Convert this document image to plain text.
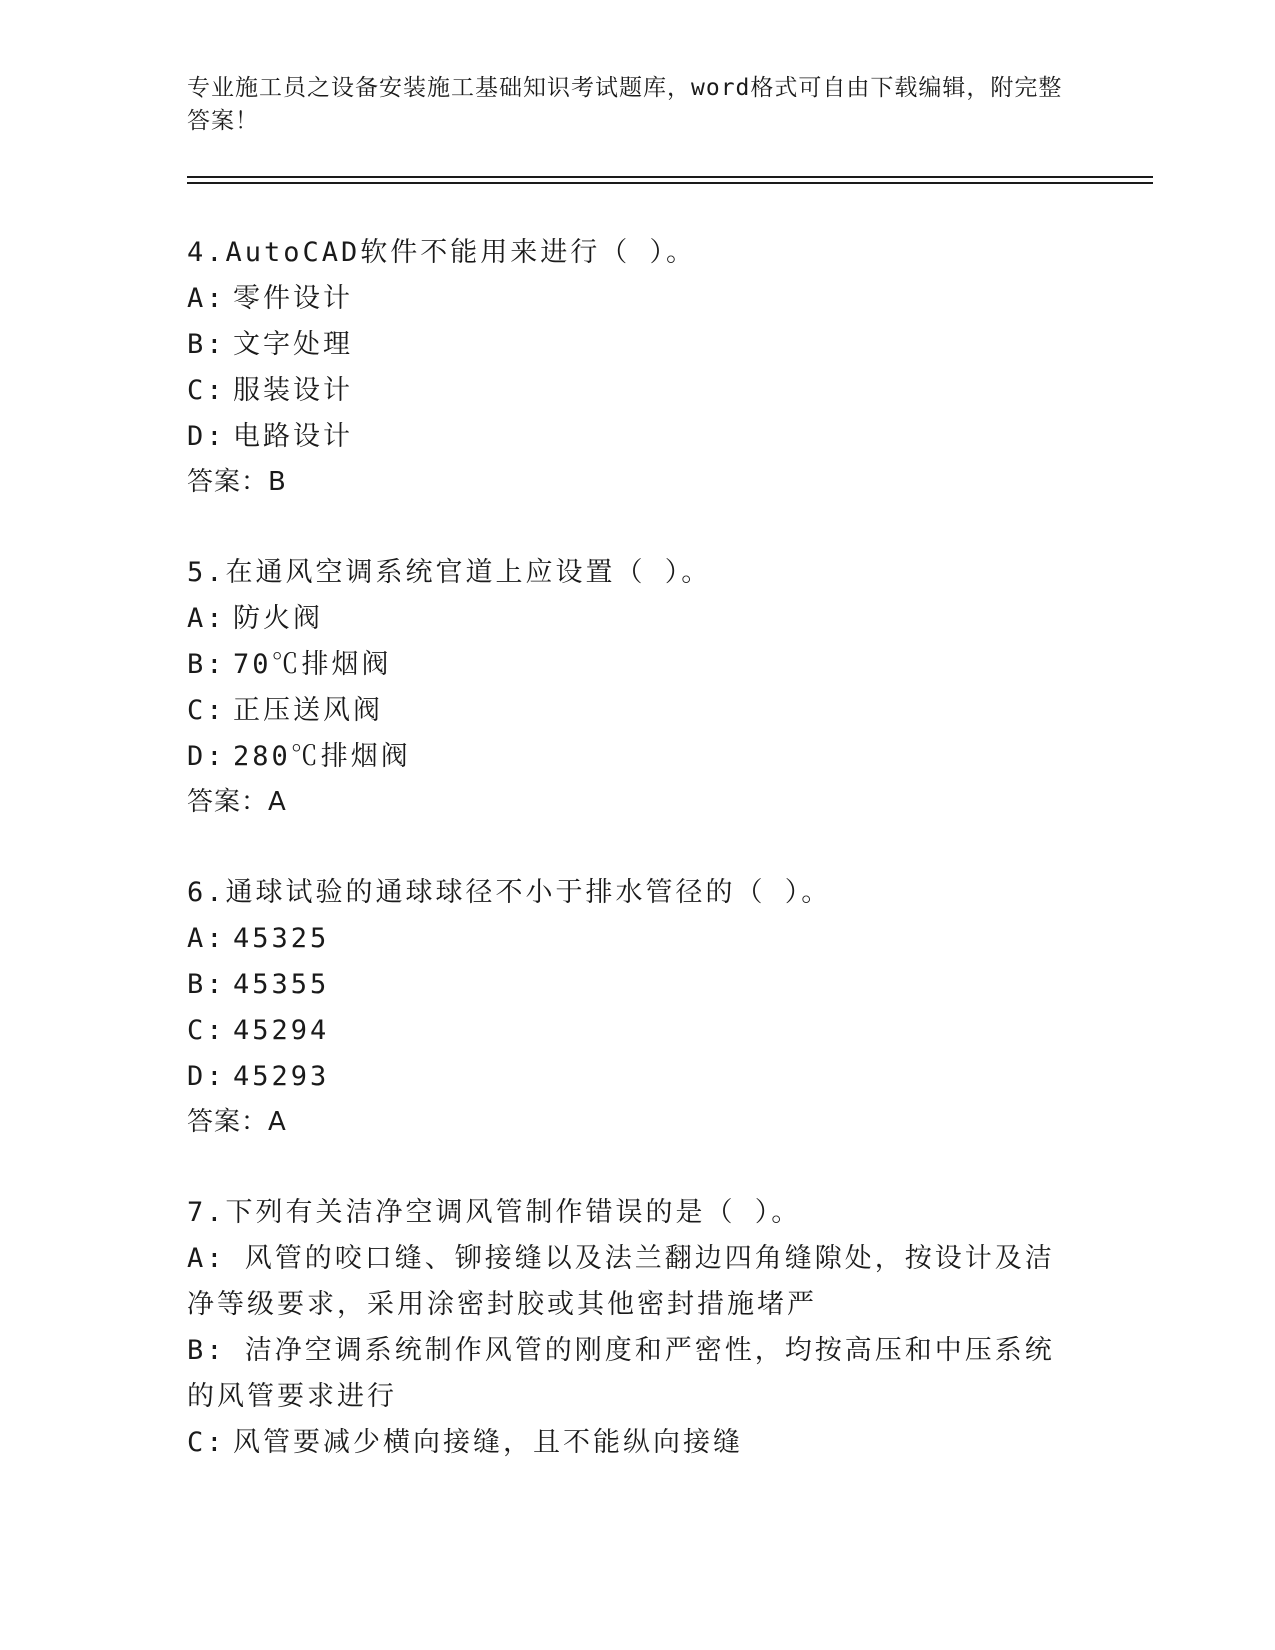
专业施工员之设备安装施工基础知识考试题库，word格式可自由下载编辑，附完整答案！
4.AutoCAD软件不能用来进行（ ）。
A: 零件设计
B: 文字处理
C: 服装设计
D: 电路设计
答案：B
5.在通风空调系统官道上应设置（ ）。
A: 防火阀
B: 70℃排烟阀
C: 正压送风阀
D: 280℃排烟阀
答案：A
6.通球试验的通球球径不小于排水管径的（ ）。
A: 45325
B: 45355
C: 45294
D: 45293
答案：A
7.下列有关洁净空调风管制作错误的是（ ）。
A: 风管的咬口缝、铆接缝以及法兰翻边四角缝隙处，按设计及洁净等级要求，采用涂密封胶或其他密封措施堵严
B: 洁净空调系统制作风管的刚度和严密性，均按高压和中压系统的风管要求进行
C: 风管要减少横向接缝，且不能纵向接缝
